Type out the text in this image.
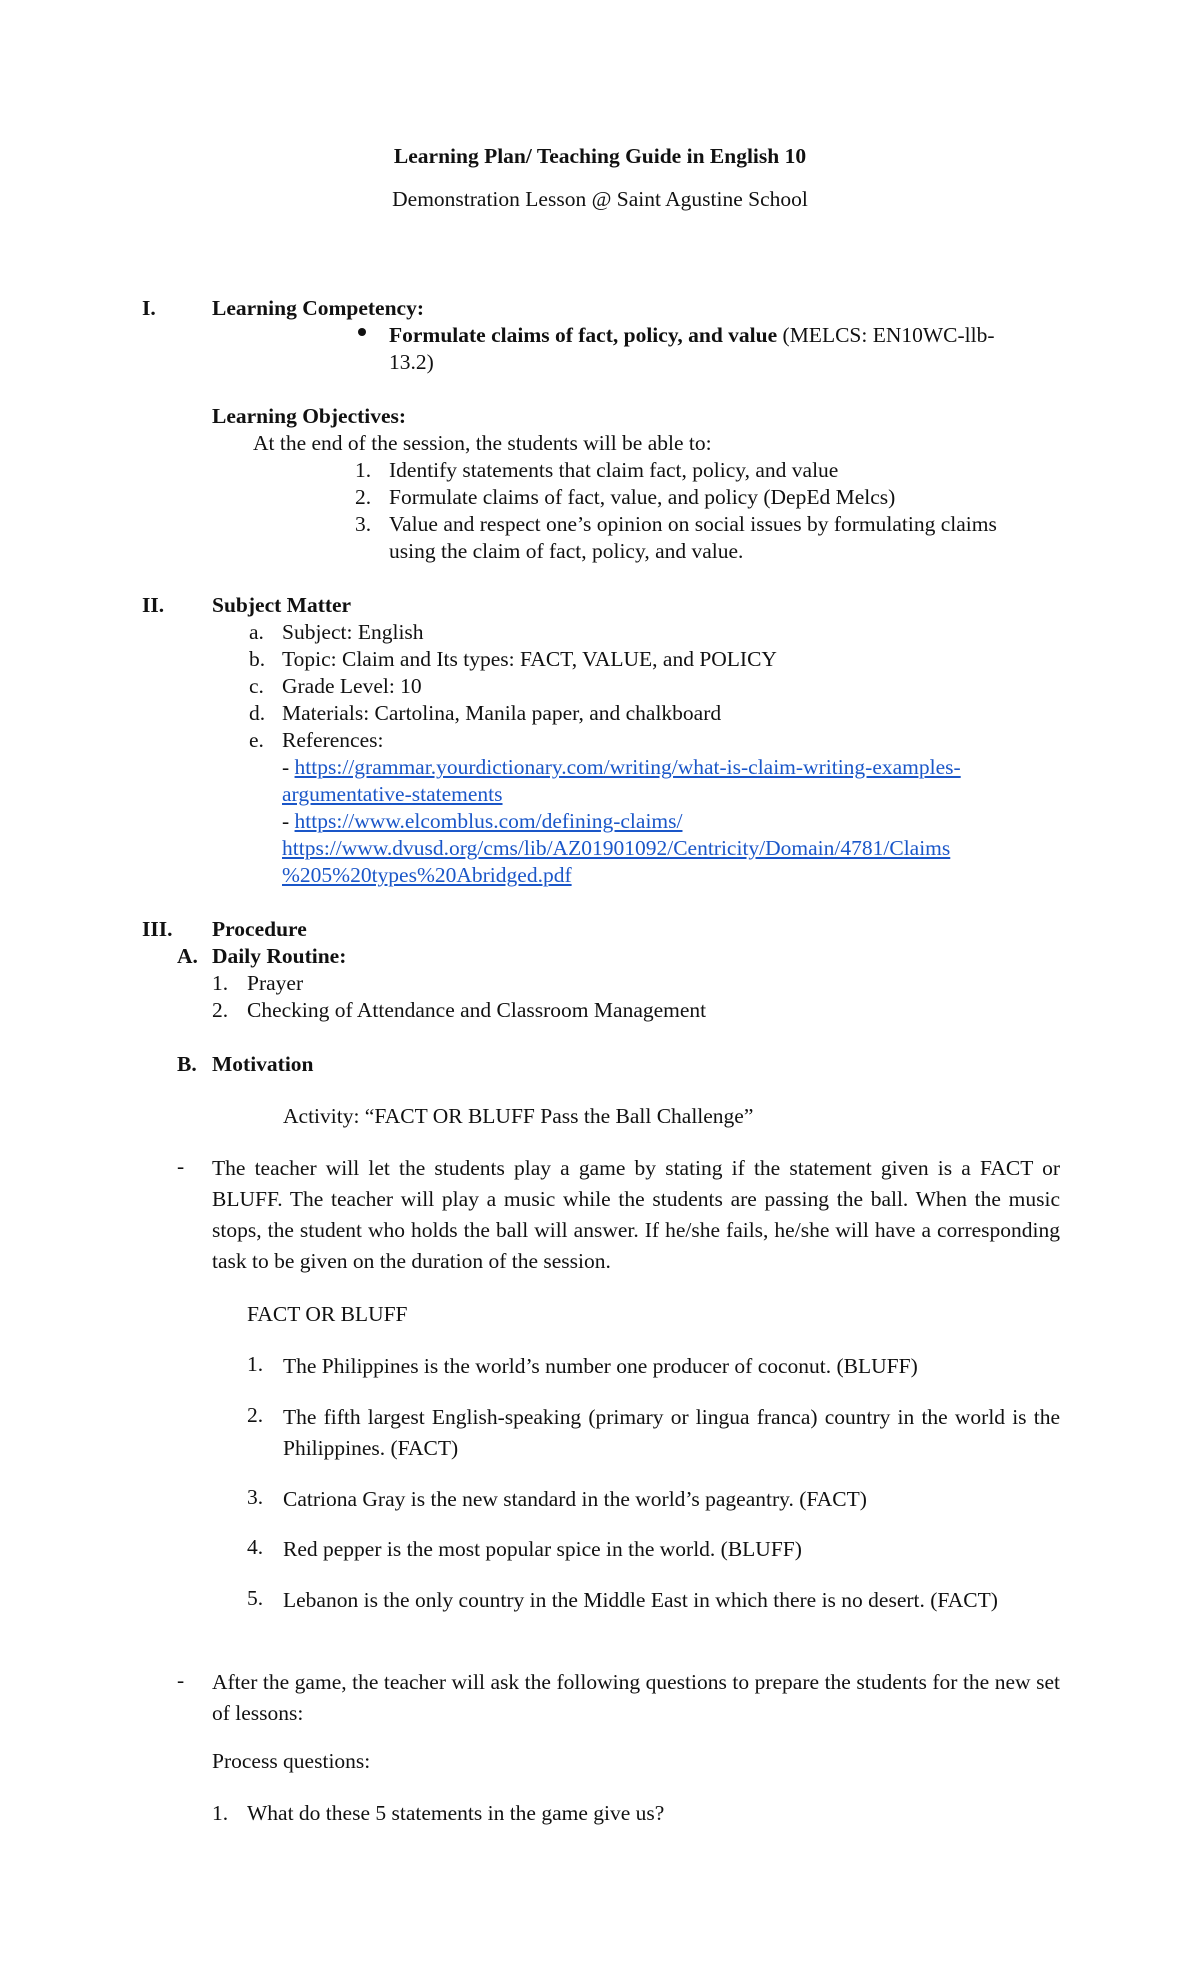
Learning Plan/ Teaching Guide in English 10
Demonstration Lesson @ Saint Agustine School
I.	Learning Competency:
Formulate claims of fact, policy, and value (MELCS: EN10WC-llb-
13.2)
Learning Objectives:
At the end of the session, the students will be able to:
1. Identify statements that claim fact, policy, and value
2. Formulate claims of fact, value, and policy (DepEd Melcs)
3. Value and respect one’s opinion on social issues by formulating claims
using the claim of fact, policy, and value.
II. Subject Matter
a. Subject: English
b. Topic: Claim and Its types: FACT, VALUE, and POLICY
c. Grade Level: 10
d. Materials: Cartolina, Manila paper, and chalkboard
e. References:
- https://grammar.yourdictionary.com/writing/what-is-claim-writing-examples-
argumentative-statements
- https://www.elcomblus.com/defining-claims/
https://www.dvusd.org/cms/lib/AZ01901092/Centricity/Domain/4781/Claims
%205%20types%20Abridged.pdf
III. Procedure
A. Daily Routine:
1. Prayer
2. Checking of Attendance and Classroom Management
B. Motivation
Activity: “FACT OR BLUFF Pass the Ball Challenge”
- The teacher will let the students play a game by stating if the statement given is a FACT or BLUFF. The teacher will play a music while the students are passing the ball. When the music stops, the student who holds the ball will answer. If he/she fails, he/she will have a corresponding task to be given on the duration of the session.
FACT OR BLUFF
1. The Philippines is the world’s number one producer of coconut. (BLUFF)
2. The fifth largest English-speaking (primary or lingua franca) country in the world is the Philippines. (FACT)
3. Catriona Gray is the new standard in the world’s pageantry. (FACT)
4. Red pepper is the most popular spice in the world. (BLUFF)
5. Lebanon is the only country in the Middle East in which there is no desert. (FACT)
- After the game, the teacher will ask the following questions to prepare the students for the new set of lessons:
Process questions:
1. What do these 5 statements in the game give us?
